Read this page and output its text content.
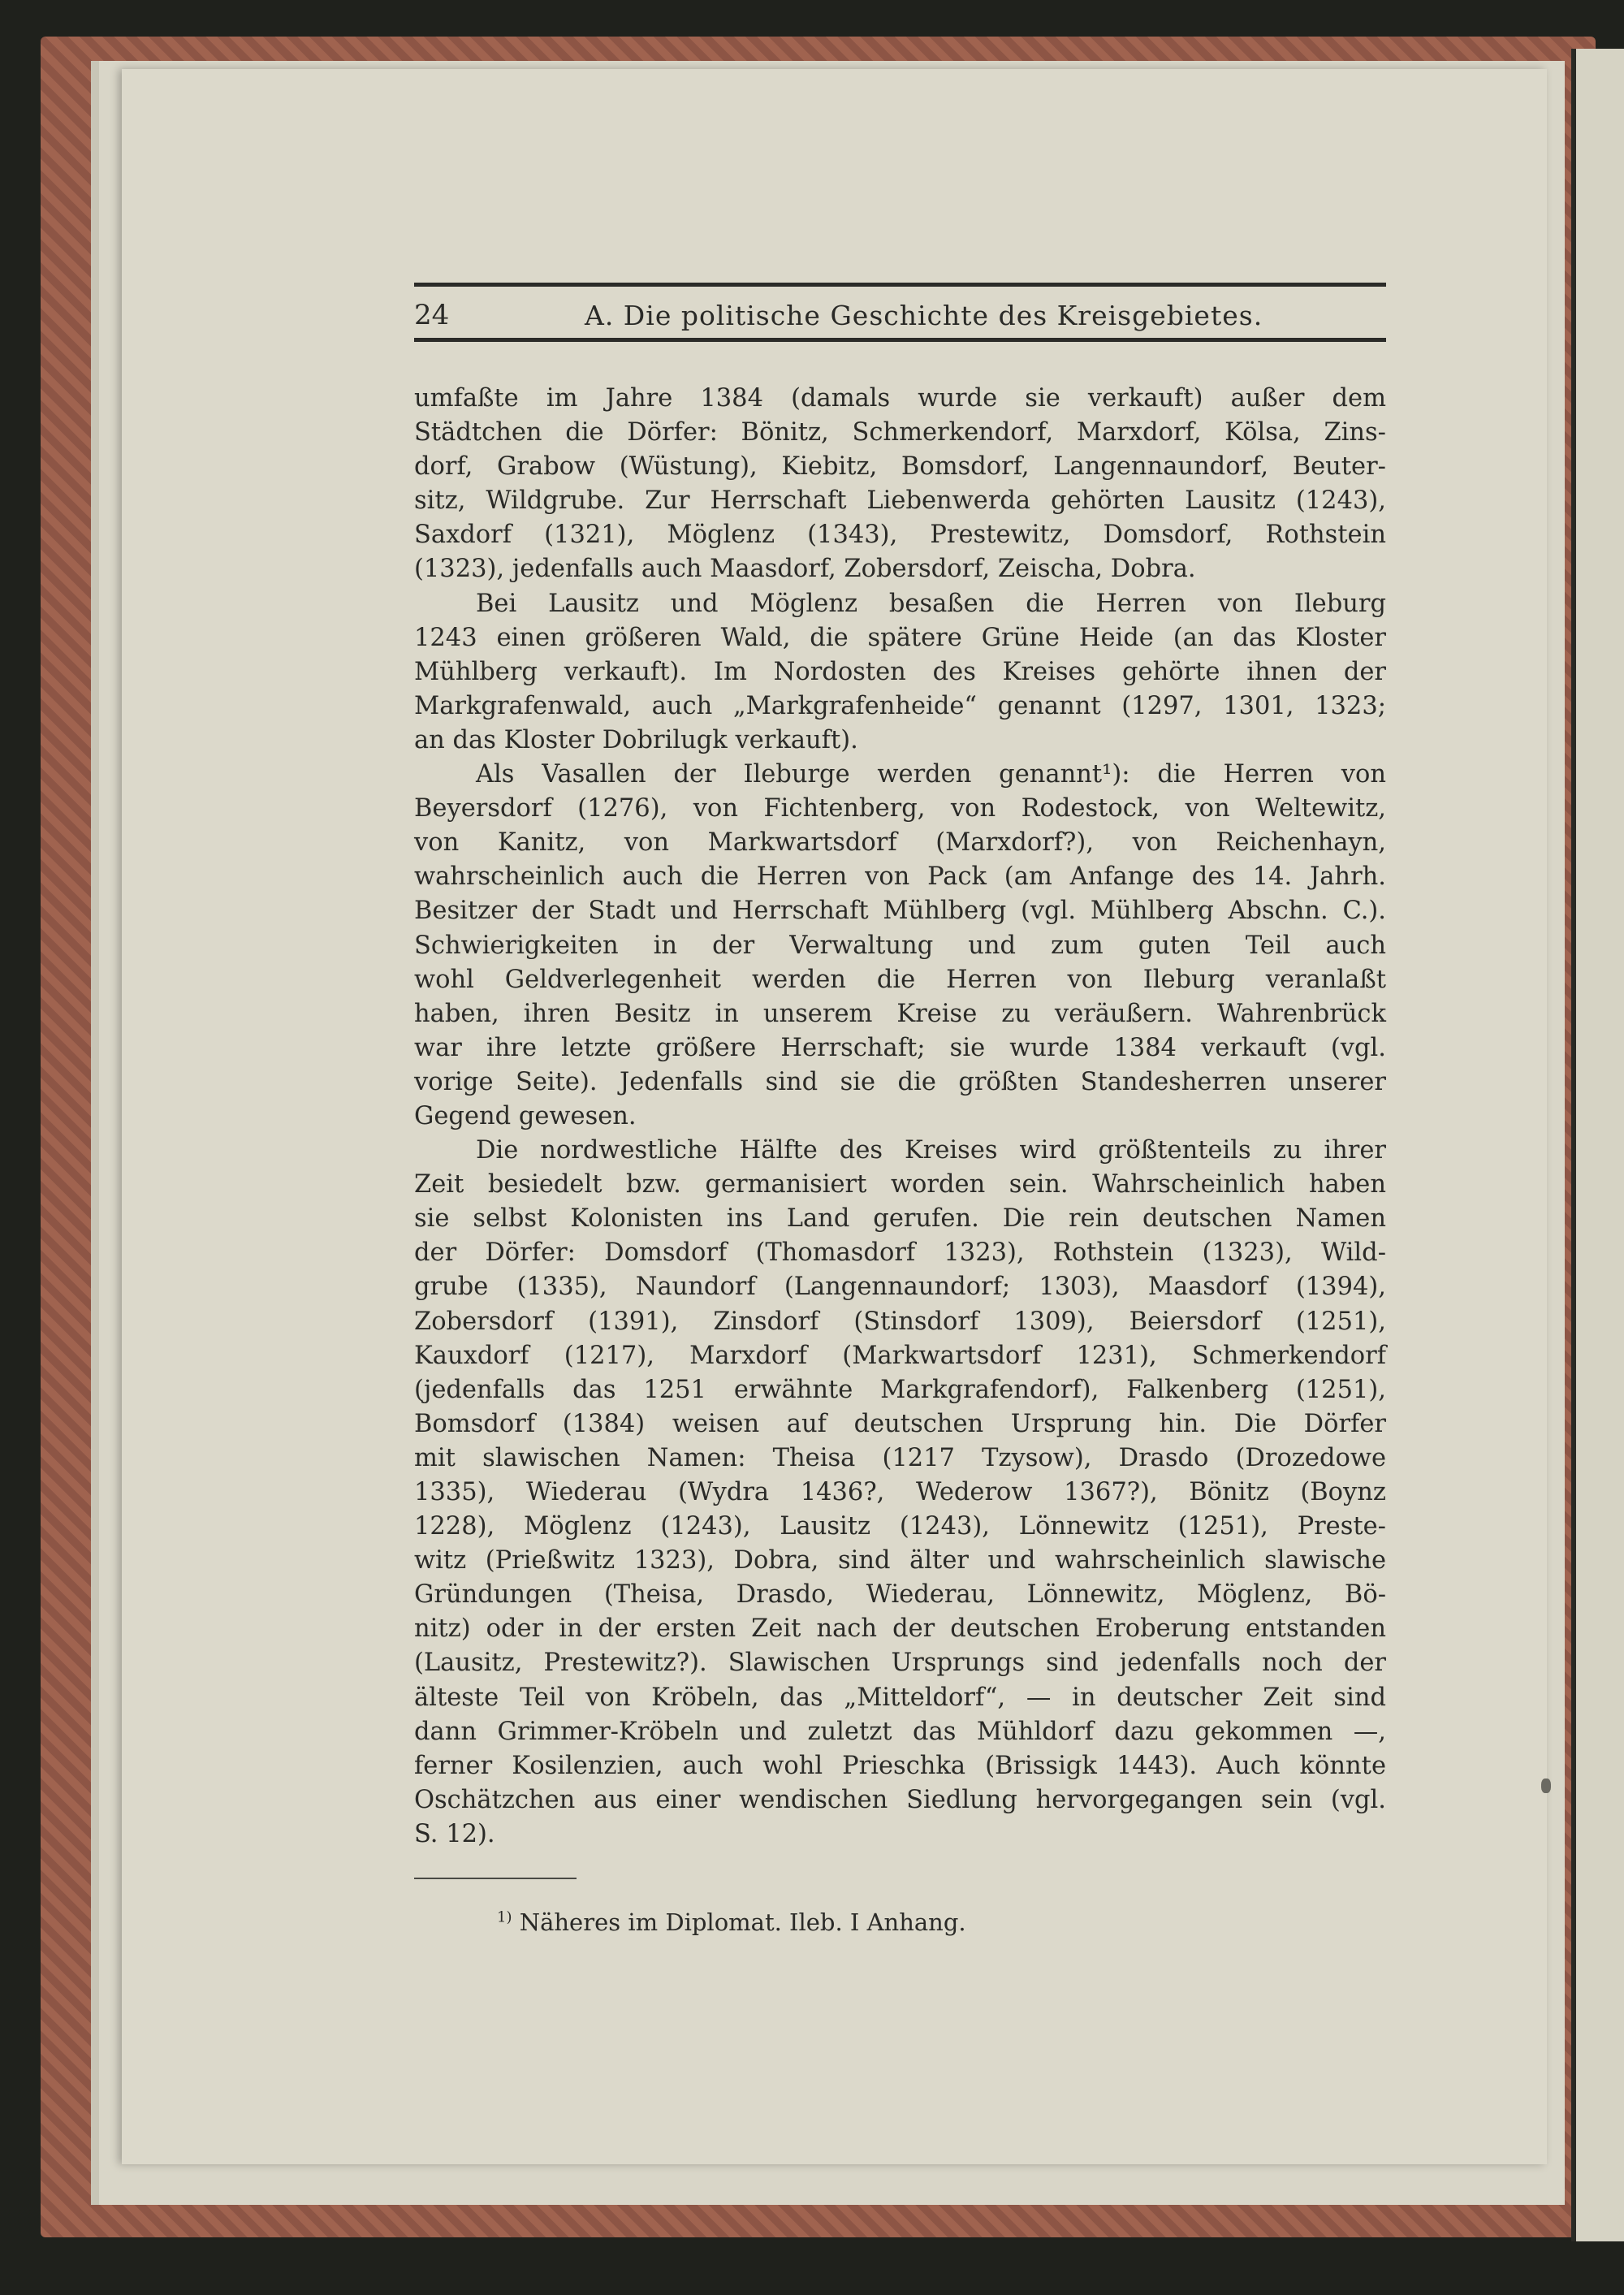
24	A. Die politische Geschichte des Kreisgebietes.

umfaßte im Jahre 1384 (damals wurde sie verkauft) außer dem

Städtchen die Dörfer: Bönitz, Schmerkendorf, Marxdorf, Kölsa, Zins-

dorf, Grabow (Wüstung), Kiebitz, Bomsdorf, Langennaundorf, Beuter-

sitz, Wildgrube. Zur Herrschaft Liebenwerda gehörten Lausitz (1243),

Saxdorf (1321), Möglenz (1343), Prestewitz, Domsdorf, Rothstein

(1323), jedenfalls auch Maasdorf, Zobersdorf, Zeischa, Dobra.

Bei Lausitz und Möglenz besaßen die Herren von Ileburg

1243 einen größeren Wald, die spätere Grüne Heide (an das Kloster

Mühlberg verkauft). Im Nordosten des Kreises gehörte ihnen der

Markgrafenwald, auch „Markgrafenheide“ genannt (1297, 1301, 1323;

an das Kloster Dobrilugk verkauft).

Als Vasallen der Ileburge werden genannt¹): die Herren von

Beyersdorf (1276), von Fichtenberg, von Rodestock, von Weltewitz,

von Kanitz, von Markwartsdorf (Marxdorf?), von Reichenhayn,

wahrscheinlich auch die Herren von Pack (am Anfange des 14. Jahrh.

Besitzer der Stadt und Herrschaft Mühlberg (vgl. Mühlberg Abschn. C.).

Schwierigkeiten in der Verwaltung und zum guten Teil auch

wohl Geldverlegenheit werden die Herren von Ileburg veranlaßt

haben, ihren Besitz in unserem Kreise zu veräußern. Wahrenbrück

war ihre letzte größere Herrschaft; sie wurde 1384 verkauft (vgl.

vorige Seite). Jedenfalls sind sie die größten Standesherren unserer

Gegend gewesen.

Die nordwestliche Hälfte des Kreises wird größtenteils zu ihrer

Zeit besiedelt bzw. germanisiert worden sein. Wahrscheinlich haben

sie selbst Kolonisten ins Land gerufen. Die rein deutschen Namen

der Dörfer: Domsdorf (Thomasdorf 1323), Rothstein (1323), Wild-

grube (1335), Naundorf (Langennaundorf; 1303), Maasdorf (1394),

Zobersdorf (1391), Zinsdorf (Stinsdorf 1309), Beiersdorf (1251),

Kauxdorf (1217), Marxdorf (Markwartsdorf 1231), Schmerkendorf

(jedenfalls das 1251 erwähnte Markgrafendorf), Falkenberg (1251),

Bomsdorf (1384) weisen auf deutschen Ursprung hin. Die Dörfer

mit slawischen Namen: Theisa (1217 Tzysow), Drasdo (Drozedowe

1335), Wiederau (Wydra 1436?, Wederow 1367?), Bönitz (Boynz

1228), Möglenz (1243), Lausitz (1243), Lönnewitz (1251), Preste-

witz (Prießwitz 1323), Dobra, sind älter und wahrscheinlich slawische

Gründungen (Theisa, Drasdo, Wiederau, Lönnewitz, Möglenz, Bö-

nitz) oder in der ersten Zeit nach der deutschen Eroberung entstanden

(Lausitz, Prestewitz?). Slawischen Ursprungs sind jedenfalls noch der

älteste Teil von Kröbeln, das „Mitteldorf“, — in deutscher Zeit sind

dann Grimmer-Kröbeln und zuletzt das Mühldorf dazu gekommen —,

ferner Kosilenzien, auch wohl Prieschka (Brissigk 1443). Auch könnte

Oschätzchen aus einer wendischen Siedlung hervorgegangen sein (vgl.

S. 12).

$^{1)}$ Näheres im Diplomat. Ileb. I Anhang.
